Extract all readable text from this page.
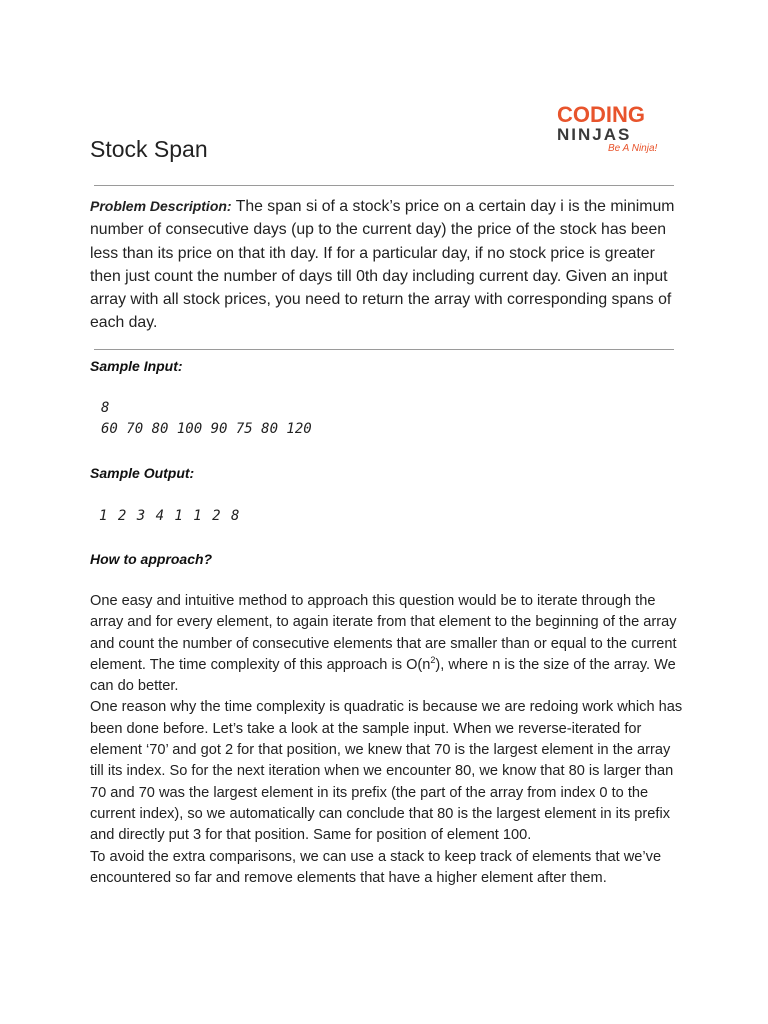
CODING
NINJAS
Be A Ninja!
Stock Span
Problem Description: The span si of a stock’s price on a certain day i is the minimum number of consecutive days (up to the current day) the price of the stock has been less than its price on that ith day. If for a particular day, if no stock price is greater then just count the number of days till 0th day including current day. Given an input array with all stock prices, you need to return the array with corresponding spans of each day.
Sample Input:
8
60 70 80 100 90 75 80 120
Sample Output:
1 2 3 4 1 1 2 8
How to approach?

One easy and intuitive method to approach this question would be to iterate through the array and for every element, to again iterate from that element to the beginning of the array and count the number of consecutive elements that are smaller than or equal to the current element. The time complexity of this approach is $O(n^2)$, where n is the size of the array. We can do better.

One reason why the time complexity is quadratic is because we are redoing work which has been done before. Let’s take a look at the sample input. When we reverse-iterated for element ‘70’ and got 2 for that position, we knew that 70 is the largest element in the array till its index. So for the next iteration when we encounter 80, we know that 80 is larger than 70 and 70 was the largest element in its prefix (the part of the array from index 0 to the current index), so we automatically can conclude that 80 is the largest element in its prefix and directly put 3 for that position. Same for position of element 100.

To avoid the extra comparisons, we can use a stack to keep track of elements that we’ve encountered so far and remove elements that have a higher element after them.
